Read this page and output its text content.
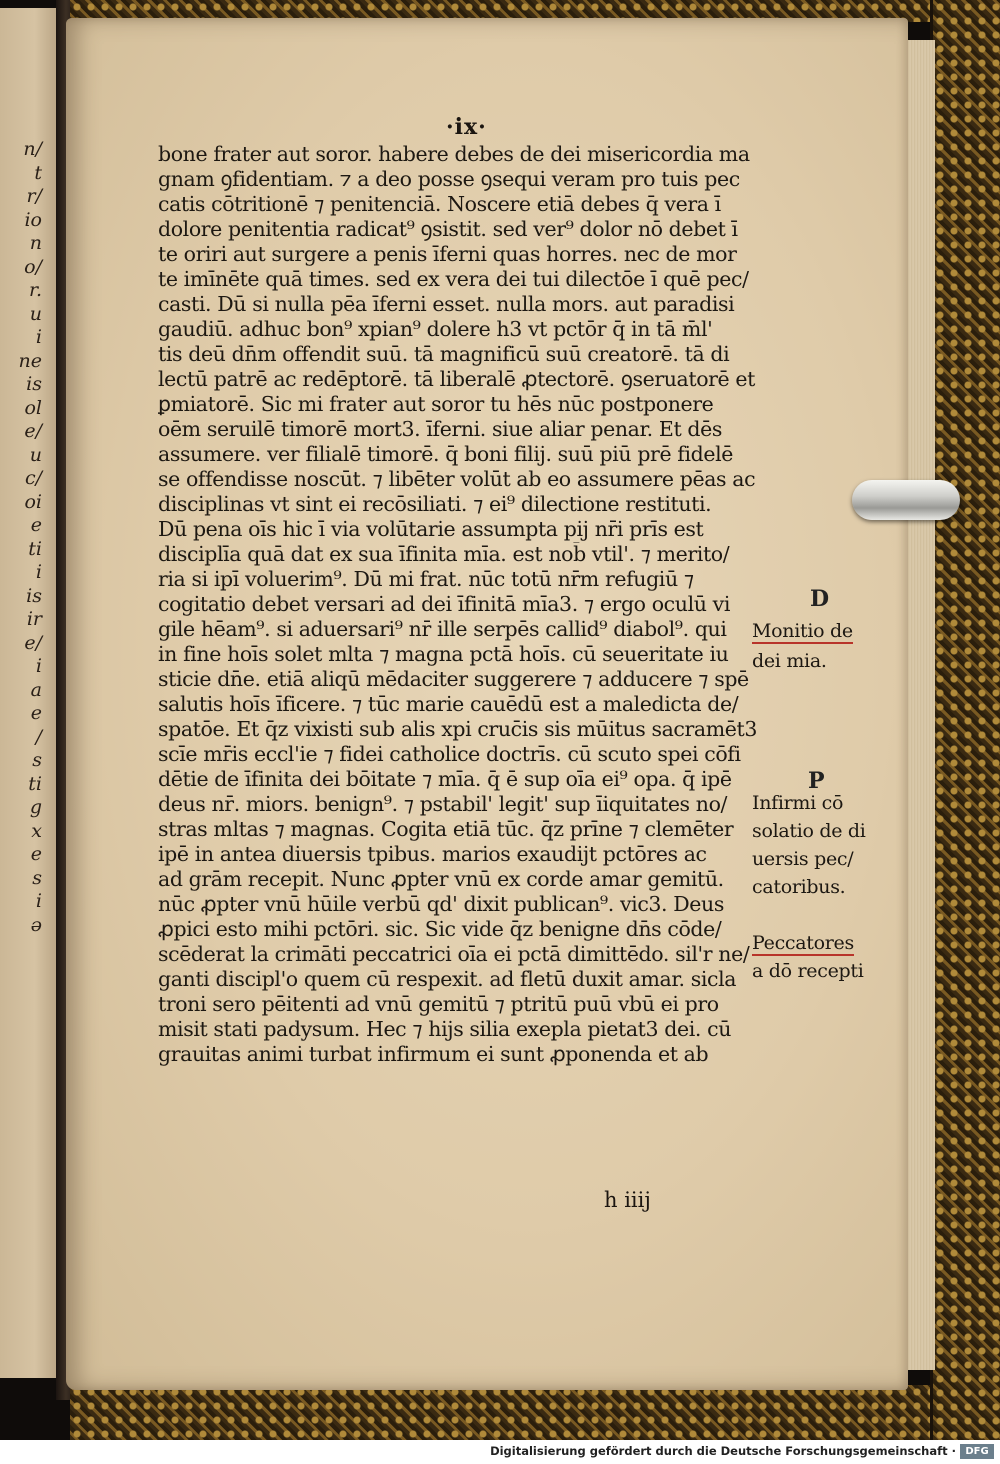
n/
t
r/
io
n
o/
r.
u
i
ne
is
ol
e/
u
c/
oi
e
ti
i
is
ir
e/
i
a
e
/
s
ti
g
x
e
s
i
ə
·ix·
bone frater aut soror. habere debes de dei misericordia ma
gnam ꝯfidentiam. ⁊ a deo posse ꝯsequi veram pro tuis pec
catis cōtritionē ⁊ penitenciā. Noscere etiā debes q̄ vera ī
dolore penitentia radicat⁹ ꝯsistit. sed ver⁹ dolor nō debet ī
te oriri aut surgere a penis īferni quas horres. nec de mor
te imīnēte quā times. sed ex vera dei tui dilectōe ī quē pec/
casti. Dū si nulla pēa īferni esset. nulla mors. aut paradisi
gaudiū. adhuc bon⁹ xpian⁹ dolere h3 vt pctōr q̄ in tā m̄l'
tis deū dn̄m offendit suū. tā magnificū suū creatorē. tā di
lectū patrē ac redēptorē. tā liberalē ꝓtectorē. ꝯseruatorē et
ꝑmiatorē. Sic mi frater aut soror tu hēs nūc postponere
oēm seruilē timorē mort3. īferni. siue aliar penar. Et dēs
assumere. ver filialē timorē. q̄ boni filij. suū piū prē fidelē
se offendisse noscūt. ⁊ libēter volūt ab eo assumere pēas ac
disciplinas vt sint ei recōsiliati. ⁊ ei⁹ dilectione restituti.
Dū pena oīs hic ī via volūtarie assumpta pij nr̄i prīs est
disciplīa quā dat ex sua īfinita mīa. est nob̄ vtil'. ⁊ merito/
ria si ipī voluerim⁹. Dū mi frat. nūc totū nr̄m refugiū ⁊
cogitatio debet versari ad dei īfinitā mīa3. ⁊ ergo oculū vi
gile hēam⁹. si aduersari⁹ nr̄ ille serpēs callid⁹ diabol⁹. qui
in fine hoīs solet mlta ⁊ magna pctā hoīs. cū seueritate iu
sticie dn̄e. etiā aliqū mēdaciter suggerere ⁊ adducere ⁊ spē
salutis hoīs īficere. ⁊ tūc marie cauēdū est a maledicta de/
spatōe. Et q̄z vixisti sub alis xpi cruc̄is sis mūitus sacramēt3
scīe mr̄is eccl'ie ⁊ fidei catholice doctrīs. cū scuto spei cōfi
dētie de īfinita dei bōitate ⁊ mīa. q̄ ē sup oīa ei⁹ opa. q̄ ipē
deus nr̄. miors. benign⁹. ⁊ pstabil' legit' sup īiquitates no/
stras mltas ⁊ magnas. Cogita etiā tūc. q̄z prīne ⁊ clemēter
ipē in antea diuersis tpibus. marios exaudijt pctōres ac
ad grām recepit. Nunc ꝓpter vnū ex corde amar gemitū.
nūc ꝓpter vnū hūile verbū qd' dixit publican⁹. vic3. Deus
ꝓpici esto mihi pctōri. sic. Sic vide q̄z benigne dn̄s cōde/
scēderat la crimāti peccatrici oīa ei pctā dimittēdo. sil'r ne/
ganti discipl'o quem cū respexit. ad fletū duxit amar. sicla
troni sero pēitenti ad vnū gemitū ⁊ ptritū puū vbū ei pro
misit stati padysum. Hec ⁊ hijs silia exepla pietat3 dei. cū
grauitas animi turbat infirmum ei sunt ꝓponenda et ab
h iiij
D
Monitio de
dei mia.
P
Infirmi cō
solatio de di
uersis pec/
catoribus.
Peccatores
a dō recepti
Digitalisierung gefördert durch die Deutsche Forschungsgemeinschaft · DFG
